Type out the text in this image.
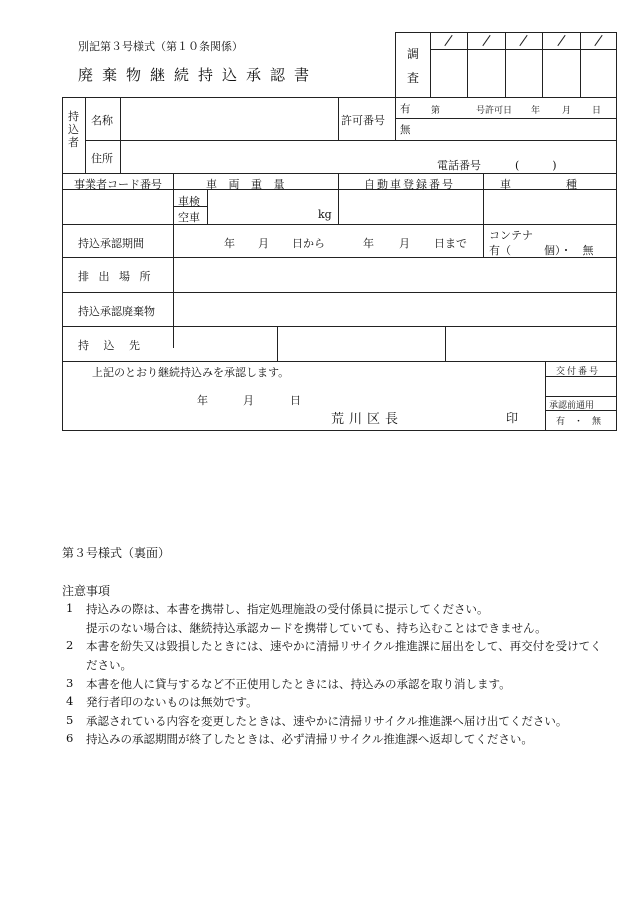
別記第３号様式（第１０条関係）
廃棄物継続持込承認書
調
査
持
込
者
名称	許可番号
有 第	号許可日 年 月 日
無
住所
電話番号	(　　　)
事業者コード番号	車 両 重 量	自動車登録番号	車　　　　　種
車検
空車	kg
持込承認期間	年 月 日から	年 月 日まで
コンテナ
有（　　　個）・　無
排 出 場 所
持込承認廃棄物
持　 込　 先
上記のとおり継続持込みを承認します。
年	月	日
荒川区長	印
交付番号
承認前通用
有　・　無
第３号様式（裏面）
注意事項
1 持込みの際は、本書を携帯し、指定処理施設の受付係員に提示してください。
提示のない場合は、継続持込承認カードを携帯していても、持ち込むことはできません。
2 本書を紛失又は毀損したときには、速やかに清掃リサイクル推進課に届出をして、再交付を受けてく
ださい。
3 本書を他人に貸与するなど不正使用したときには、持込みの承認を取り消します。
4 発行者印のないものは無効です。
5 承認されている内容を変更したときは、速やかに清掃リサイクル推進課へ届け出てください。
6 持込みの承認期間が終了したときは、必ず清掃リサイクル推進課へ返却してください。
